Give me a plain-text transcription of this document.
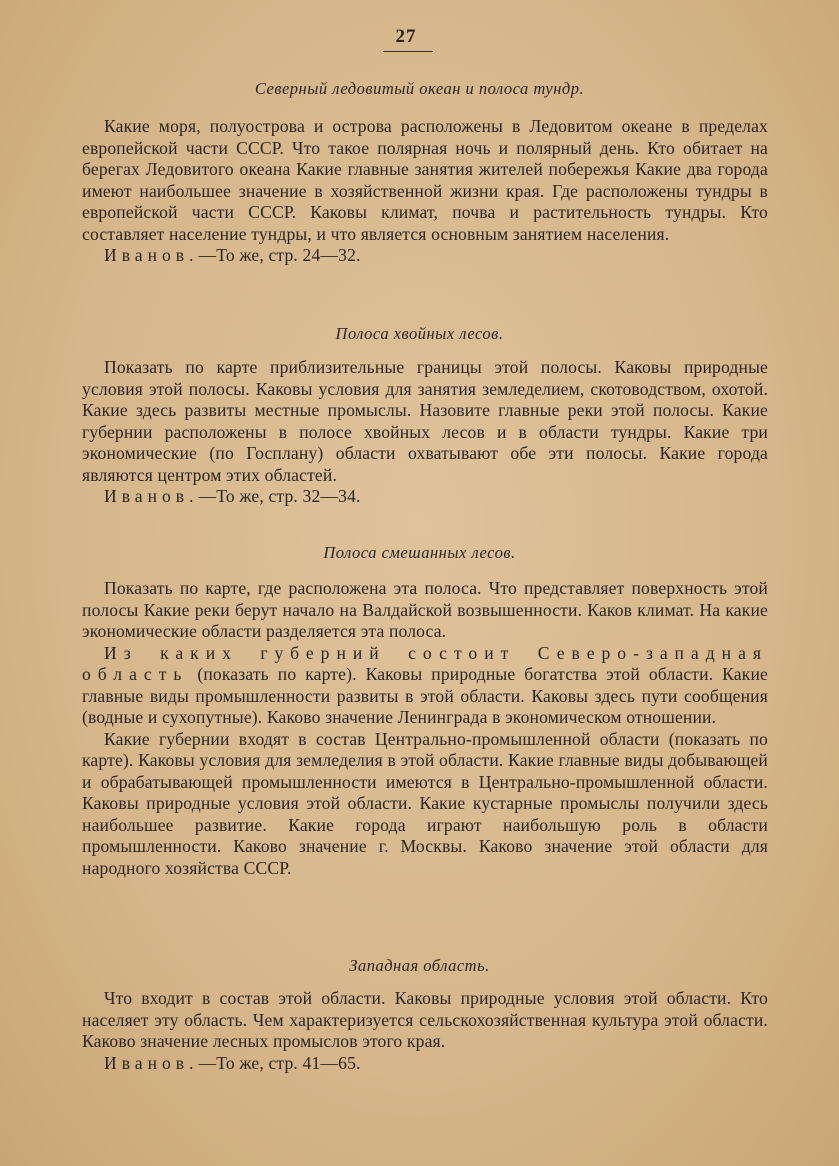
27
Северный ледовитый океан и полоса тундр.

Какие моря, полуострова и острова расположены в Ледовитом океане в пределах европейской части СССР. Что такое полярная ночь и полярный день. Кто обитает на берегах Ледовитого океана Какие главные занятия жителей побережья Какие два города имеют наибольшее значение в хозяйственной жизни края. Где расположены тундры в европейской части СССР. Каковы климат, почва и растительность тундры. Кто составляет население тундры, и что является основным занятием населения.

Иванов.—То же, стр. 24—32.

Полоса хвойных лесов.

Показать по карте приблизительные границы этой полосы. Каковы природные условия этой полосы. Каковы условия для занятия земледелием, скотоводством, охотой. Какие здесь развиты местные промыслы. Назовите главные реки этой полосы. Какие губернии расположены в полосе хвойных лесов и в области тундры. Какие три экономические (по Госплану) области охватывают обе эти полосы. Какие города являются центром этих областей.

Иванов.—То же, стр. 32—34.

Полоса смешанных лесов.

Показать по карте, где расположена эта полоса. Что представляет поверхность этой полосы Какие реки берут начало на Валдайской возвышенности. Каков климат. На какие экономические области разделяется эта полоса.

Из каких губерний состоит Северо-западная область (показать по карте). Каковы природные богатства этой области. Какие главные виды промышленности развиты в этой области. Каковы здесь пути сообщения (водные и сухопутные). Каково значение Ленинграда в экономическом отношении.

Какие губернии входят в состав Центрально-промышленной области (показать по карте). Каковы условия для земледелия в этой области. Какие главные виды добывающей и обрабатывающей промышленности имеются в Центрально-промышленной области. Каковы природные условия этой области. Какие кустарные промыслы получили здесь наибольшее развитие. Какие города играют наибольшую роль в области промышленности. Каково значение г. Москвы. Каково значение этой области для народного хозяйства СССР.

Западная область.

Что входит в состав этой области. Каковы природные условия этой области. Кто населяет эту область. Чем характеризуется сельскохозяйственная культура этой области. Каково значение лесных промыслов этого края.

Иванов.—То же, стр. 41—65.
